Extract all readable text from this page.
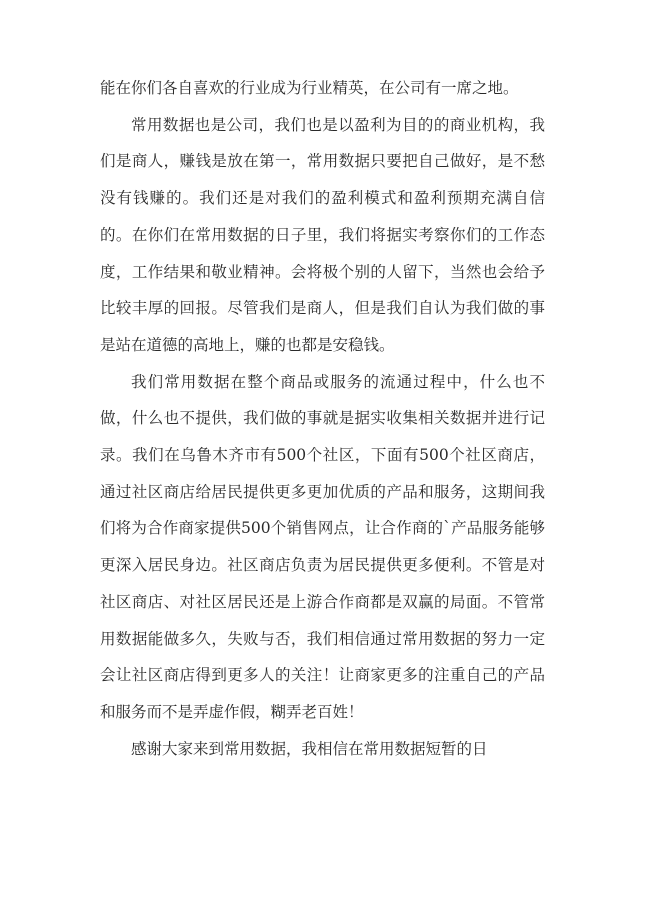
能在你们各自喜欢的行业成为行业精英，在公司有一席之地。

常用数据也是公司，我们也是以盈利为目的的商业机构，我们是商人，赚钱是放在第一，常用数据只要把自己做好，是不愁没有钱赚的。我们还是对我们的盈利模式和盈利预期充满自信的。在你们在常用数据的日子里，我们将据实考察你们的工作态度，工作结果和敬业精神。会将极个别的人留下，当然也会给予比较丰厚的回报。尽管我们是商人，但是我们自认为我们做的事是站在道德的高地上，赚的也都是安稳钱。

我们常用数据在整个商品或服务的流通过程中，什么也不做，什么也不提供，我们做的事就是据实收集相关数据并进行记录。我们在乌鲁木齐市有500个社区，下面有500个社区商店，通过社区商店给居民提供更多更加优质的产品和服务，这期间我们将为合作商家提供500个销售网点，让合作商的`产品服务能够更深入居民身边。社区商店负责为居民提供更多便利。不管是对社区商店、对社区居民还是上游合作商都是双赢的局面。不管常用数据能做多久，失败与否，我们相信通过常用数据的努力一定会让社区商店得到更多人的关注！让商家更多的注重自己的产品和服务而不是弄虚作假，糊弄老百姓！

感谢大家来到常用数据，我相信在常用数据短暂的日
